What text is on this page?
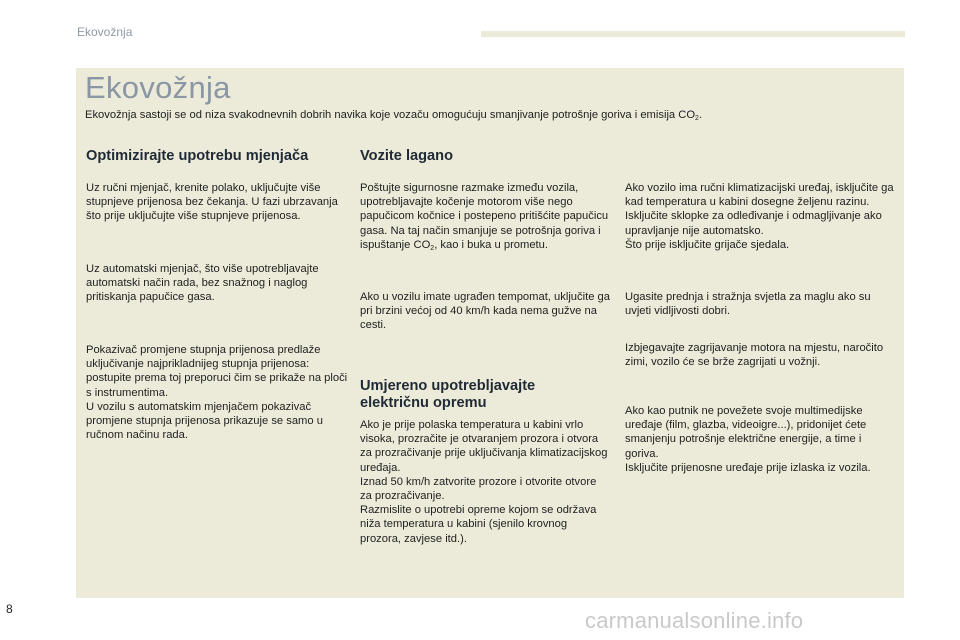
Ekovožnja
Ekovožnja
Ekovožnja sastoji se od niza svakodnevnih dobrih navika koje vozaču omogućuju smanjivanje potrošnje goriva i emisija $CO_2$.
Optimizirajte upotrebu mjenjača

Uz ručni mjenjač, krenite polako, uključujte više stupnjeve prijenosa bez čekanja. U fazi ubrzavanja što prije uključujte više stupnjeve prijenosa.

Uz automatski mjenjač, što više upotrebljavajte automatski način rada, bez snažnog i naglog pritiskanja papučice gasa.

Pokazivač promjene stupnja prijenosa predlaže uključivanje najprikladnijeg stupnja prijenosa: postupite prema toj preporuci čim se prikaže na ploči s instrumentima.

U vozilu s automatskim mjenjačem pokazivač promjene stupnja prijenosa prikazuje se samo u ručnom načinu rada.

Vozite lagano

Poštujte sigurnosne razmake između vozila, upotrebljavajte kočenje motorom više nego papučicom kočnice i postepeno pritišćite papučicu gasa. Na taj način smanjuje se potrošnja goriva i ispuštanje $CO_2$, kao i buka u prometu.

Ako u vozilu imate ugrađen tempomat, uključite ga pri brzini većoj od 40 km/h kada nema gužve na cesti.

Umjereno upotrebljavajte
električnu opremu

Ako je prije polaska temperatura u kabini vrlo visoka, prozračite je otvaranjem prozora i otvora za prozračivanje prije uključivanja klimatizacijskog uređaja.

Iznad 50 km/h zatvorite prozore i otvorite otvore za prozračivanje.

Razmislite o upotrebi opreme kojom se održava niža temperatura u kabini (sjenilo krovnog prozora, zavjese itd.).

Ako vozilo ima ručni klimatizacijski uređaj, isključite ga kad temperatura u kabini dosegne željenu razinu.

Isključite sklopke za odleđivanje i odmagljivanje ako upravljanje nije automatsko.

Što prije isključite grijače sjedala.

Ugasite prednja i stražnja svjetla za maglu ako su uvjeti vidljivosti dobri.

Izbjegavajte zagrijavanje motora na mjestu, naročito zimi, vozilo će se brže zagrijati u vožnji.

Ako kao putnik ne povežete svoje multimedijske uređaje (film, glazba, videoigre...), pridonijet ćete smanjenju potrošnje električne energije, a time i goriva.

Isključite prijenosne uređaje prije izlaska iz vozila.

8	carmanualsonline.info
